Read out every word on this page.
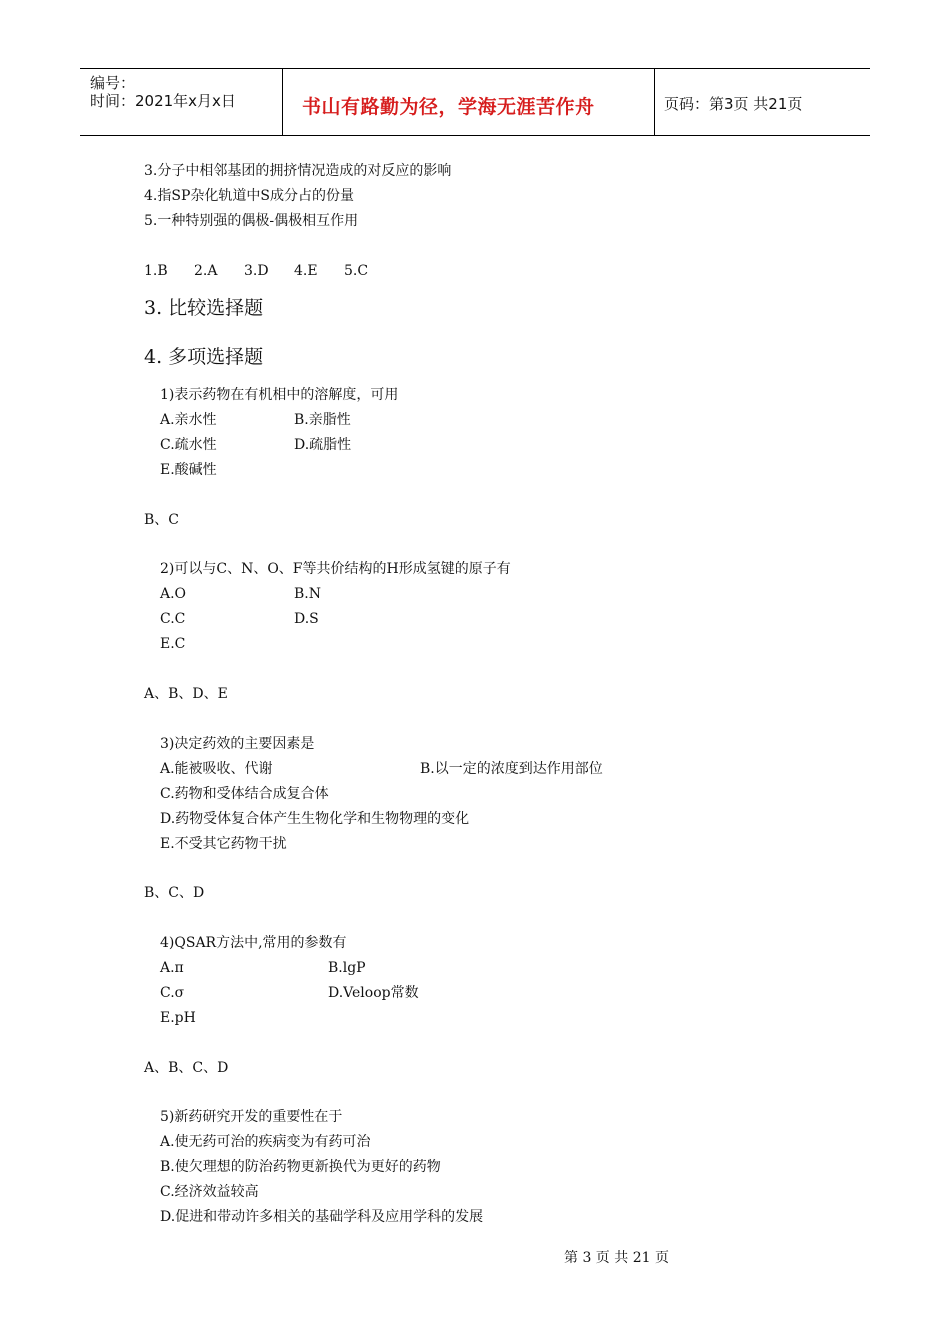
编号：
时间：2021年x月x日	书山有路勤为径，学海无涯苦作舟	页码：第3页 共21页
3.分子中相邻基团的拥挤情况造成的对反应的影响
4.指SP杂化轨道中S成分占的份量
5.一种特别强的偶极-偶极相互作用
1.B 2.A 3.D 4.E 5.C
3. 比较选择题
4. 多项选择题
1)表示药物在有机相中的溶解度，可用
A.亲水性	B.亲脂性
C.疏水性	D.疏脂性
E.酸碱性
B、C
2)可以与C、N、O、F等共价结构的H形成氢键的原子有
A.O	B.N
C.C	D.S
E.C
A、B、D、E
3)决定药效的主要因素是
A.能被吸收、代谢	B.以一定的浓度到达作用部位
C.药物和受体结合成复合体
D.药物受体复合体产生生物化学和生物物理的变化
E.不受其它药物干扰
B、C、D
4)QSAR方法中,常用的参数有
A.π	B.lgP
C.σ	D.Veloop常数
E.pH
A、B、C、D
5)新药研究开发的重要性在于
A.使无药可治的疾病变为有药可治
B.使欠理想的防治药物更新换代为更好的药物
C.经济效益较高
D.促进和带动许多相关的基础学科及应用学科的发展
第 3 页 共 21 页
